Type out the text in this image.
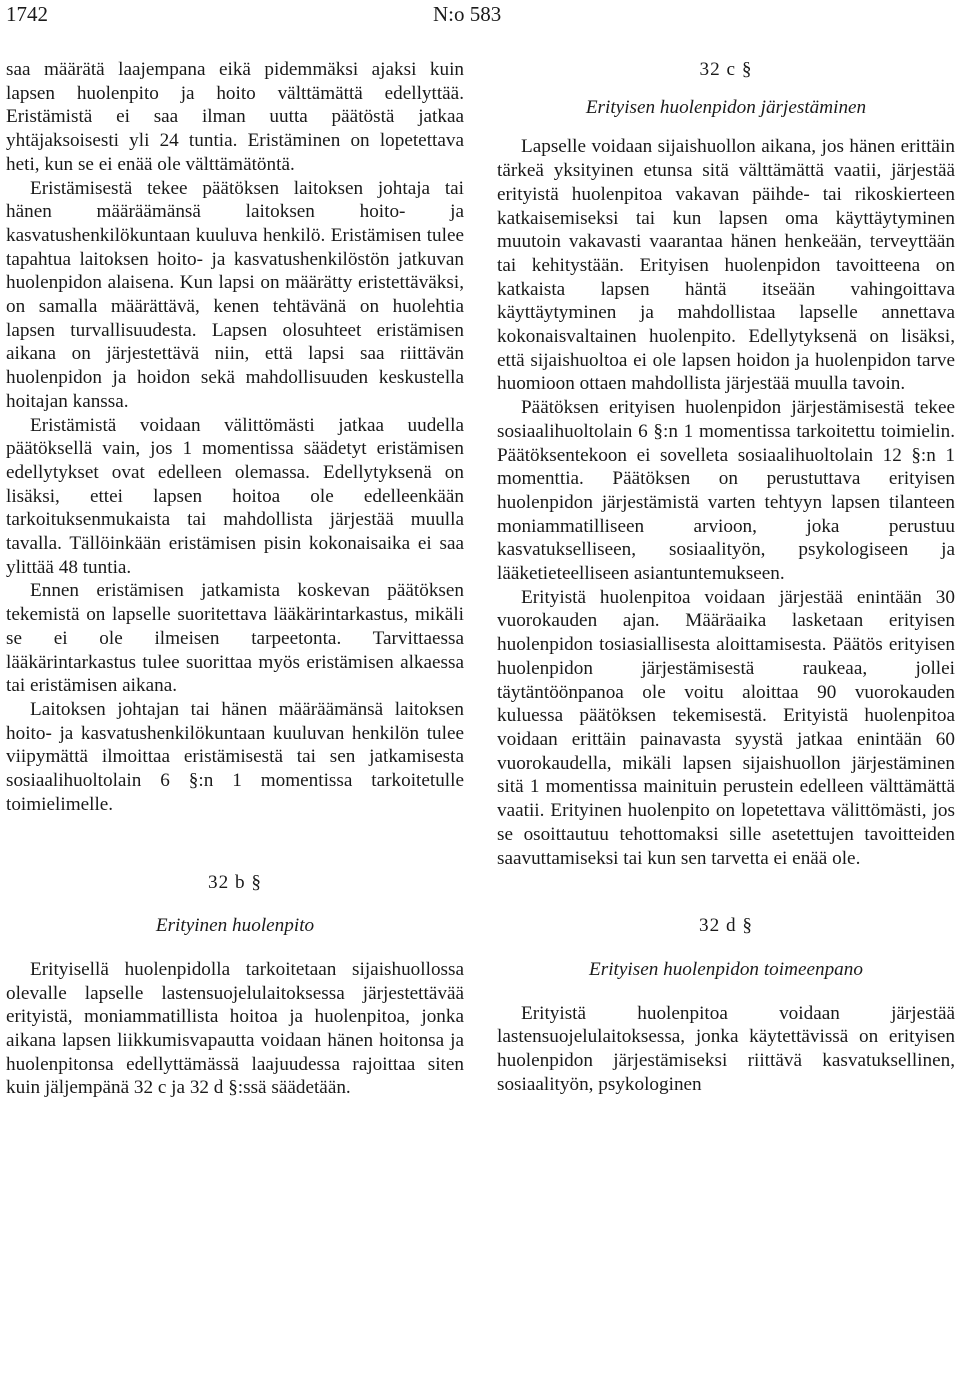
1742	N:o 583

saa määrätä laajempana eikä pidemmäksi ajaksi kuin lapsen huolenpito ja hoito välttämättä edellyttää. Eristämistä ei saa ilman uutta päätöstä jatkaa yhtäjaksoisesti yli 24 tuntia. Eristäminen on lopetettava heti, kun se ei enää ole välttämätöntä.

Eristämisestä tekee päätöksen laitoksen johtaja tai hänen määräämänsä laitoksen hoito- ja kasvatushenkilökuntaan kuuluva henkilö. Eristämisen tulee tapahtua laitoksen hoito- ja kasvatushenkilöstön jatkuvan huolenpidon alaisena. Kun lapsi on määrätty eristettäväksi, on samalla määrättävä, kenen tehtävänä on huolehtia lapsen turvallisuudesta. Lapsen olosuhteet eristämisen aikana on järjestettävä niin, että lapsi saa riittävän huolenpidon ja hoidon sekä mahdollisuuden keskustella hoitajan kanssa.

Eristämistä voidaan välittömästi jatkaa uudella päätöksellä vain, jos 1 momentissa säädetyt eristämisen edellytykset ovat edelleen olemassa. Edellytyksenä on lisäksi, ettei lapsen hoitoa ole edelleenkään tarkoituksenmukaista tai mahdollista järjestää muulla tavalla. Tällöinkään eristämisen pisin kokonaisaika ei saa ylittää 48 tuntia.

Ennen eristämisen jatkamista koskevan päätöksen tekemistä on lapselle suoritettava lääkärintarkastus, mikäli se ei ole ilmeisen tarpeetonta. Tarvittaessa lääkärintarkastus tulee suorittaa myös eristämisen alkaessa tai eristämisen aikana.

Laitoksen johtajan tai hänen määräämänsä laitoksen hoito- ja kasvatushenkilökuntaan kuuluvan henkilön tulee viipymättä ilmoittaa eristämisestä tai sen jatkamisesta sosiaalihuoltolain 6 §:n 1 momentissa tarkoitetulle toimielimelle.

32 b §

Erityinen huolenpito

Erityisellä huolenpidolla tarkoitetaan sijaishuollossa olevalle lapselle lastensuojelulaitoksessa järjestettävää erityistä, moniammatillista hoitoa ja huolenpitoa, jonka aikana lapsen liikkumisvapautta voidaan hänen hoitonsa ja huolenpitonsa edellyttämässä laajuudessa rajoittaa siten kuin jäljempänä 32 c ja 32 d §:ssä säädetään.

32 c §

Erityisen huolenpidon järjestäminen

Lapselle voidaan sijaishuollon aikana, jos hänen erittäin tärkeä yksityinen etunsa sitä välttämättä vaatii, järjestää erityistä huolenpitoa vakavan päihde- tai rikoskierteen katkaisemiseksi tai kun lapsen oma käyttäytyminen muutoin vakavasti vaarantaa hänen henkeään, terveyttään tai kehitystään. Erityisen huolenpidon tavoitteena on katkaista lapsen häntä itseään vahingoittava käyttäytyminen ja mahdollistaa lapselle annettava kokonaisvaltainen huolenpito. Edellytyksenä on lisäksi, että sijaishuoltoa ei ole lapsen hoidon ja huolenpidon tarve huomioon ottaen mahdollista järjestää muulla tavoin.

Päätöksen erityisen huolenpidon järjestämisestä tekee sosiaalihuoltolain 6 §:n 1 momentissa tarkoitettu toimielin. Päätöksentekoon ei sovelleta sosiaalihuoltolain 12 §:n 1 momenttia. Päätöksen on perustuttava erityisen huolenpidon järjestämistä varten tehtyyn lapsen tilanteen moniammatilliseen arvioon, joka perustuu kasvatukselliseen, sosiaalityön, psykologiseen ja lääketieteelliseen asiantuntemukseen.

Erityistä huolenpitoa voidaan järjestää enintään 30 vuorokauden ajan. Määräaika lasketaan erityisen huolenpidon tosiasiallisesta aloittamisesta. Päätös erityisen huolenpidon järjestämisestä raukeaa, jollei täytäntöönpanoa ole voitu aloittaa 90 vuorokauden kuluessa päätöksen tekemisestä. Erityistä huolenpitoa voidaan erittäin painavasta syystä jatkaa enintään 60 vuorokaudella, mikäli lapsen sijaishuollon järjestäminen sitä 1 momentissa mainituin perustein edelleen välttämättä vaatii. Erityinen huolenpito on lopetettava välittömästi, jos se osoittautuu tehottomaksi sille asetettujen tavoitteiden saavuttamiseksi tai kun sen tarvetta ei enää ole.

32 d §

Erityisen huolenpidon toimeenpano

Erityistä huolenpitoa voidaan järjestää lastensuojelulaitoksessa, jonka käytettävissä on erityisen huolenpidon järjestämiseksi riittävä kasvatuksellinen, sosiaalityön, psykologinen
